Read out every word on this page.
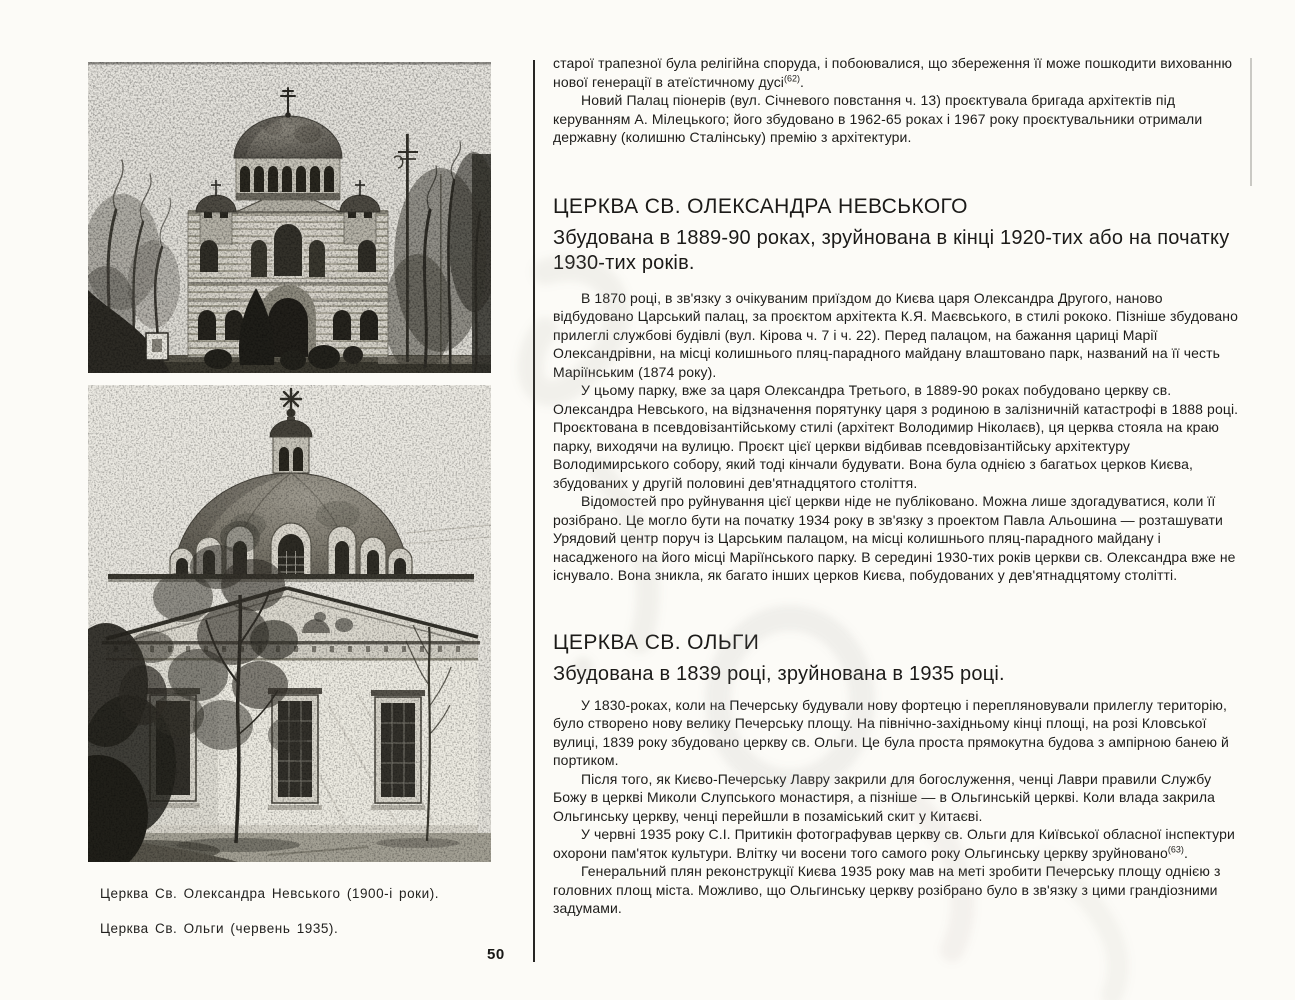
Церква Св. Олександра Невського (1900-і роки).

Церква Св. Ольги (червень 1935).

старої трапезної була релігійна споруда, і побоювалися, що збереження її може пошкодити вихованню нової генерації в атеїстичному дусі$^{(62)}$.

Новий Палац піонерів (вул. Січневого повстання ч. 13) проєктувала бригада архітектів під керуванням А. Мілецького; його збудовано в 1962-65 роках і 1967 року проєктувальники отримали державну (колишню Сталінську) премію з архітектури.

ЦЕРКВА СВ. ОЛЕКСАНДРА НЕВСЬКОГО

Збудована в 1889-90 роках, зруйнована в кінці 1920-тих або на початку 1930-тих років.

В 1870 році, в зв'язку з очікуваним приїздом до Києва царя Олександра Другого, наново відбудовано Царський палац, за проєктом архітекта К.Я. Маєвського, в стилі рококо. Пізніше збудовано прилеглі службові будівлі (вул. Кірова ч. 7 і ч. 22). Перед палацом, на бажання цариці Марії Олександрівни, на місці колишнього пляц-парадного майдану влаштовано парк, названий на її честь Маріїнським (1874 року).

У цьому парку, вже за царя Олександра Третього, в 1889-90 роках побудовано церкву св. Олександра Невського, на відзначення порятунку царя з родиною в залізничній катастрофі в 1888 році. Проєктована в псевдовізантійському стилі (архітект Володимир Ніколаєв), ця церква стояла на краю парку, виходячи на вулицю. Проєкт цієї церкви відбивав псевдовізантійську архітектуру Володимирського собору, який тоді кінчали будувати. Вона була однією з багатьох церков Києва, збудованих у другій половині дев'ятнадцятого століття.

Відомостей про руйнування цієї церкви ніде не публіковано. Можна лише здогадуватися, коли її розібрано. Це могло бути на початку 1934 року в зв'язку з проектом Павла Альошина — розташувати Урядовий центр поруч із Царським палацом, на місці колишнього пляц-парадного майдану і насадженого на його місці Маріїнського парку. В середині 1930-тих років церкви св. Олександра вже не існувало. Вона зникла, як багато інших церков Києва, побудованих у дев'ятнадцятому столітті.

ЦЕРКВА СВ. ОЛЬГИ

Збудована в 1839 році, зруйнована в 1935 році.

У 1830-роках, коли на Печерську будували нову фортецю і перепляновували прилеглу територію, було створено нову велику Печерську площу. На північно-західньому кінці площі, на розі Кловської вулиці, 1839 року збудовано церкву св. Ольги. Це була проста прямокутна будова з ампірною банею й портиком.

Після того, як Києво-Печерську Лавру закрили для богослуження, ченці Лаври правили Службу Божу в церкві Миколи Слупського монастиря, а пізніше — в Ольгинській церкві. Коли влада закрила Ольгинську церкву, ченці перейшли в позаміський скит у Китаєві.

У червні 1935 року С.І. Притикін фотографував церкву св. Ольги для Київської обласної інспектури охорони пам'яток культури. Влітку чи восени того самого року Ольгинську церкву зруйновано$^{(63)}$.

Генеральний плян реконструкції Києва 1935 року мав на меті зробити Печерську площу однією з головних площ міста. Можливо, що Ольгинську церкву розібрано було в зв'язку з цими грандіозними задумами.

50
